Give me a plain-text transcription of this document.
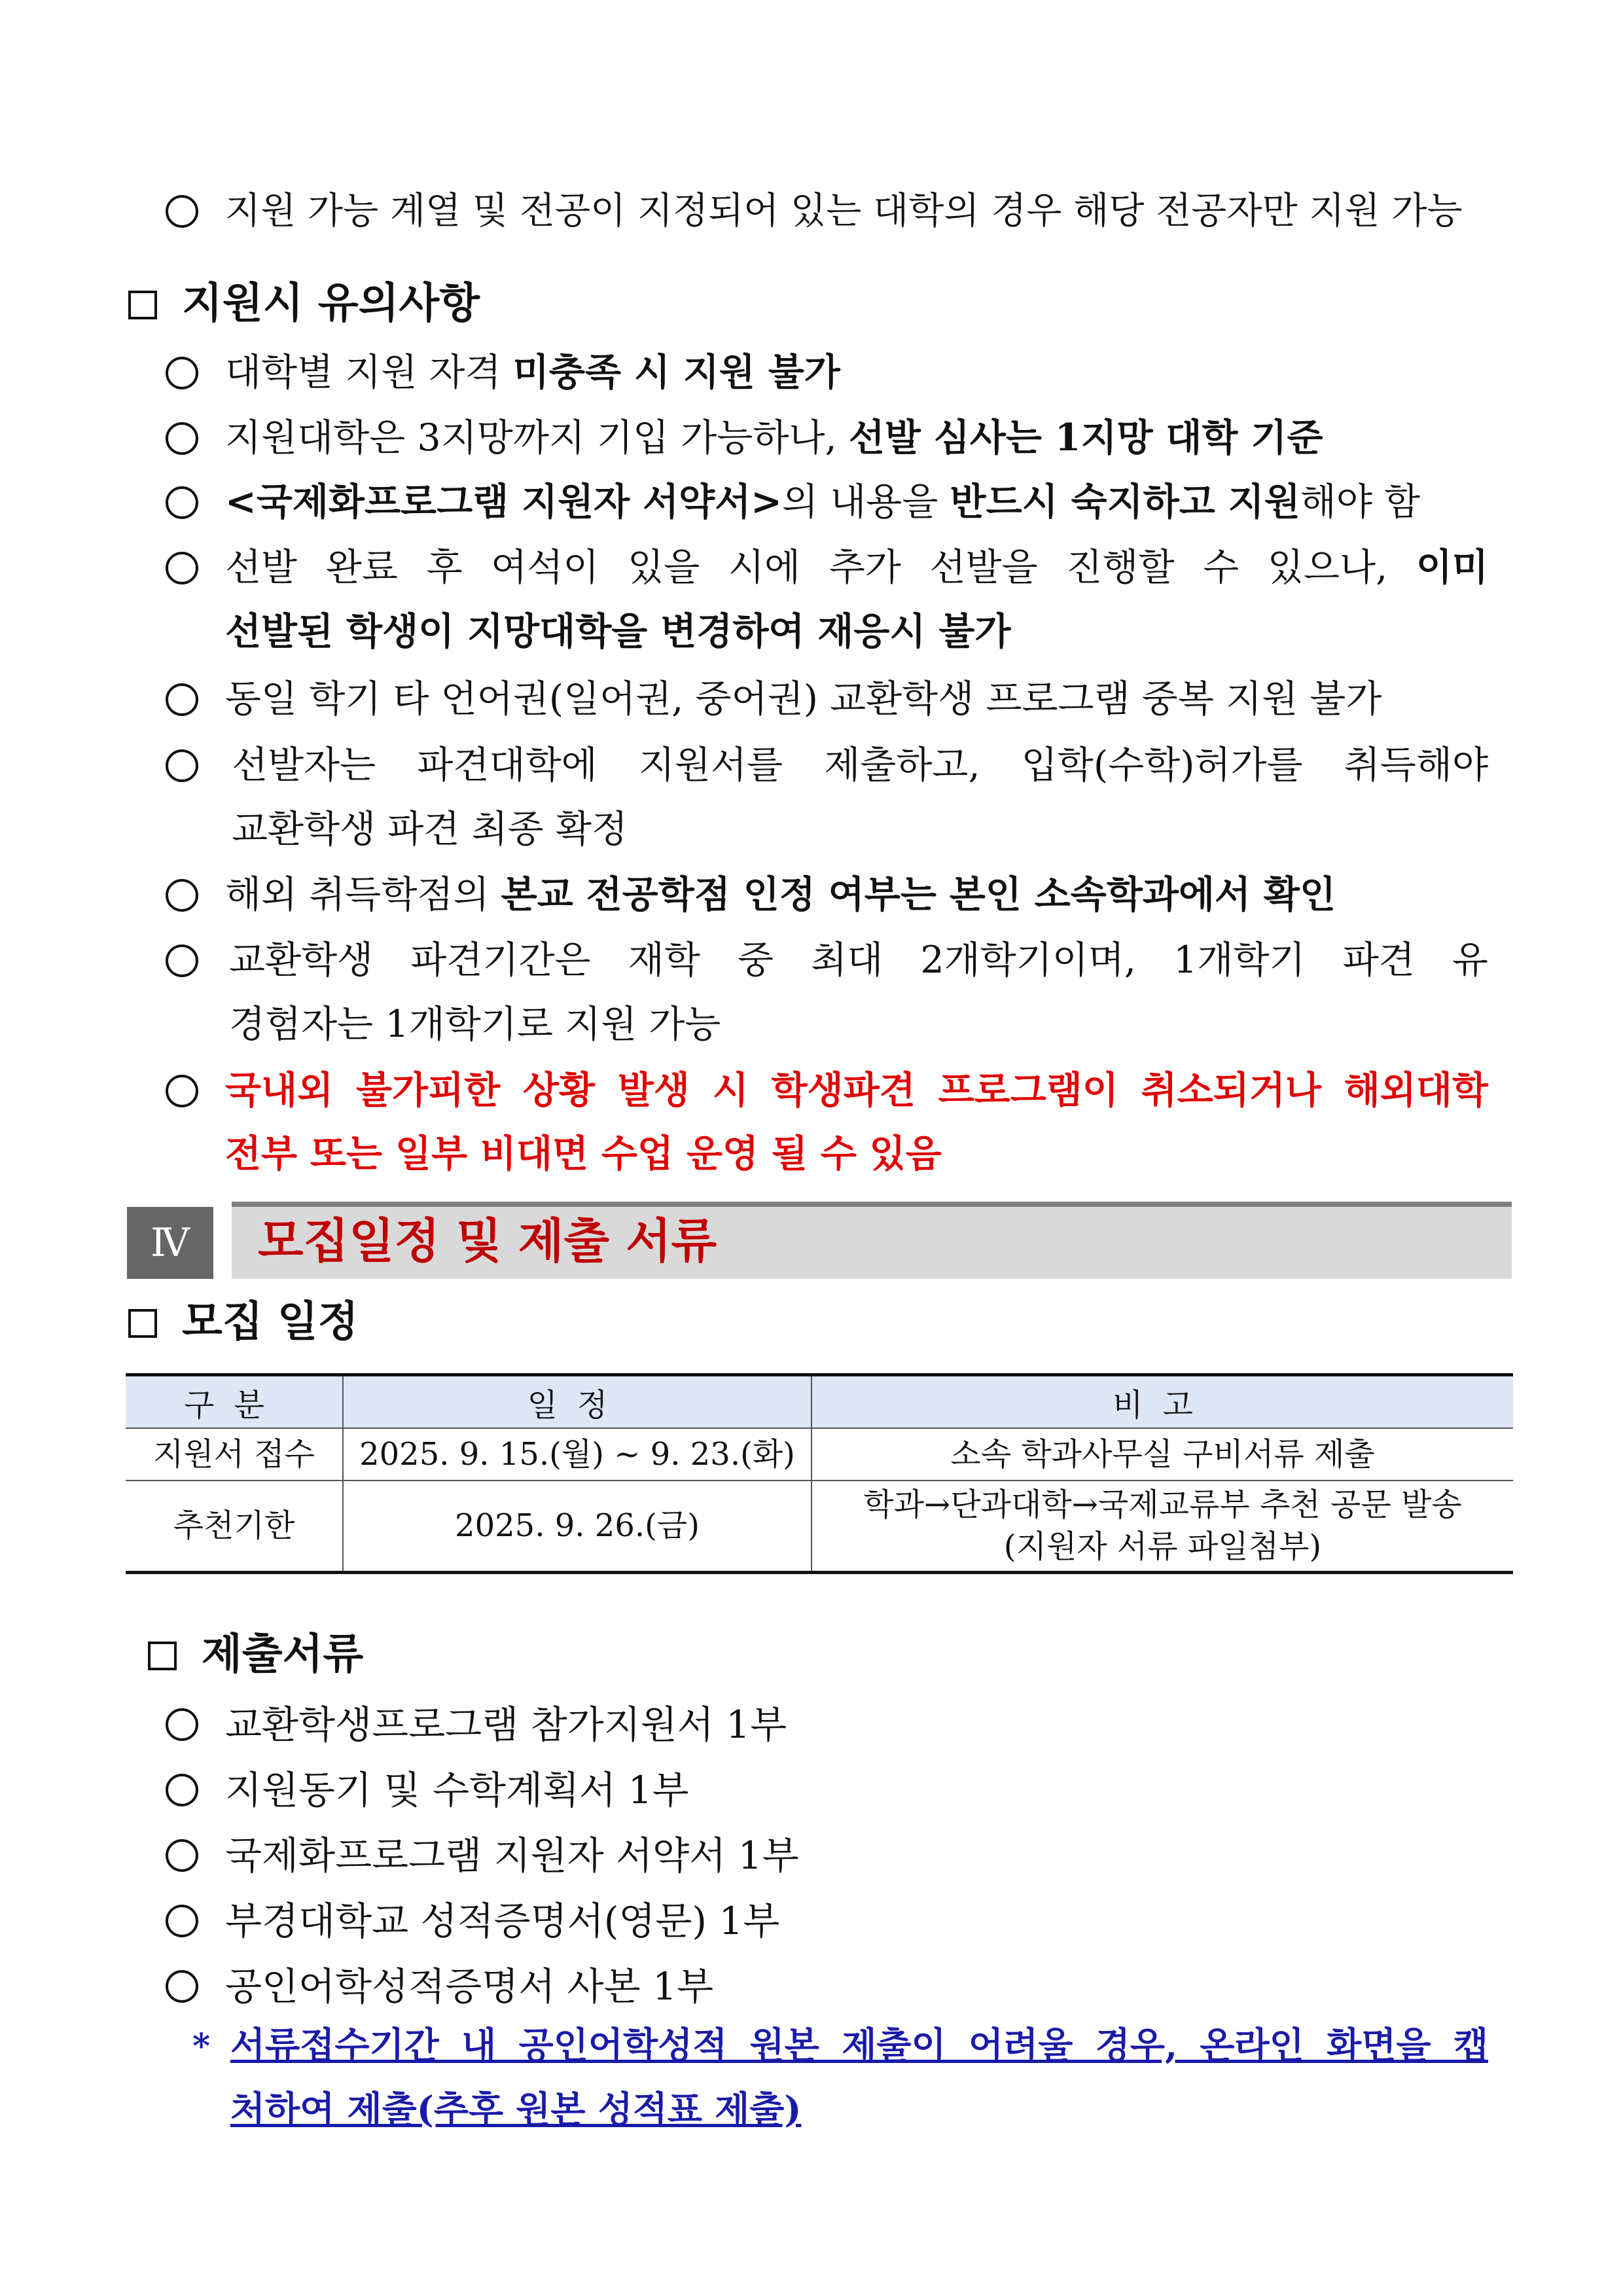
지원 가능 계열 및 전공이 지정되어 있는 대학의 경우 해당 전공자만 지원 가능
지원시 유의사항
대학별 지원 자격 미충족 시 지원 불가
지원대학은 3지망까지 기입 가능하나, 선발 심사는 1지망 대학 기준
<국제화프로그램 지원자 서약서>의 내용을 반드시 숙지하고 지원해야 함
선발 완료 후 여석이 있을 시에 추가 선발을 진행할 수 있으나, 이미
선발된 학생이 지망대학을 변경하여 재응시 불가
동일 학기 타 언어권(일어권, 중어권) 교환학생 프로그램 중복 지원 불가
선발자는 파견대학에 지원서를 제출하고, 입학(수학)허가를 취득해야
교환학생 파견 최종 확정
해외 취득학점의 본교 전공학점 인정 여부는 본인 소속학과에서 확인
교환학생 파견기간은 재학 중 최대 2개학기이며, 1개학기 파견 유
경험자는 1개학기로 지원 가능
국내외 불가피한 상황 발생 시 학생파견 프로그램이 취소되거나 해외대학
전부 또는 일부 비대면 수업 운영 될 수 있음
Ⅳ	모집일정 및 제출 서류
모집 일정
구분	일정	비고
지원서 접수	2025. 9. 15.(월) ~ 9. 23.(화)	소속 학과사무실 구비서류 제출
추천기한	2025. 9. 26.(금)	학과→단과대학→국제교류부 추천 공문 발송
(지원자 서류 파일첨부)
제출서류
교환학생프로그램 참가지원서 1부
지원동기 및 수학계획서 1부
국제화프로그램 지원자 서약서 1부
부경대학교 성적증명서(영문) 1부
공인어학성적증명서 사본 1부
* 서류접수기간 내 공인어학성적 원본 제출이 어려울 경우, 온라인 화면을 캡
처하여 제출(추후 원본 성적표 제출)
